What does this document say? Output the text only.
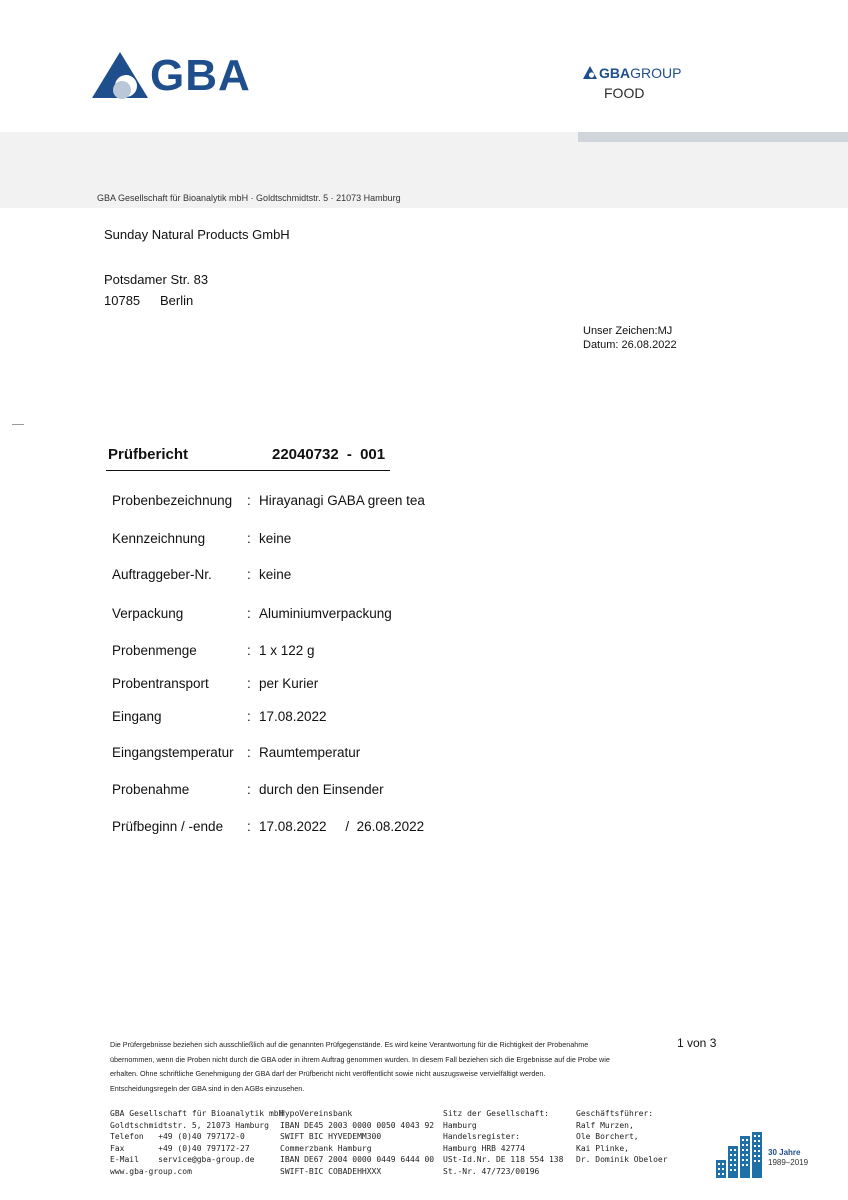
GBA	GBAGROUP
FOOD
GBA Gesellschaft für Bioanalytik mbH · Goldtschmidtstr. 5 · 21073 Hamburg
Sunday Natural Products GmbH
Potsdamer Str. 83
10785 Berlin
Unser Zeichen:MJ
Datum: 26.08.2022
Prüfbericht	22040732 - 001
Probenbezeichnung : Hirayanagi GABA green tea
Kennzeichnung	: keine
Auftraggeber-Nr.	: keine
Verpackung	: Aluminiumverpackung
Probenmenge	: 1 x 122 g
Probentransport	: per Kurier
Eingang	: 17.08.2022
Eingangstemperatur : Raumtemperatur
Probenahme	: durch den Einsender
Prüfbeginn / -ende : 17.08.2022     /  26.08.2022
Die Prüfergebnisse beziehen sich ausschließlich auf die genannten Prüfgegenstände. Es wird keine Verantwortung für die Richtigkeit der Probenahme
übernommen, wenn die Proben nicht durch die GBA oder in ihrem Auftrag genommen wurden. In diesem Fall beziehen sich die Ergebnisse auf die Probe wie
erhalten. Ohne schriftliche Genehmigung der GBA darf der Prüfbericht nicht veröffentlicht sowie nicht auszugsweise vervielfältigt werden.
Entscheidungsregeln der GBA sind in den AGBs einzusehen.
1 von 3
GBA Gesellschaft für Bioanalytik mbH
Goldtschmidtstr. 5, 21073 Hamburg
Telefon   +49 (0)40 797172-0
Fax       +49 (0)40 797172-27
E-Mail    service@gba-group.de
www.gba-group.com
HypoVereinsbank
IBAN DE45 2003 0000 0050 4043 92
SWIFT BIC HYVEDEMM300
Commerzbank Hamburg
IBAN DE67 2004 0000 0449 6444 00
SWIFT-BIC COBADEHHXXX
Sitz der Gesellschaft:
Hamburg
Handelsregister:
Hamburg HRB 42774
USt-Id.Nr. DE 118 554 138
St.-Nr. 47/723/00196
Geschäftsführer:
Ralf Murzen,
Ole Borchert,
Kai Plinke,
Dr. Dominik Obeloer
30 Jahre
1989–2019
